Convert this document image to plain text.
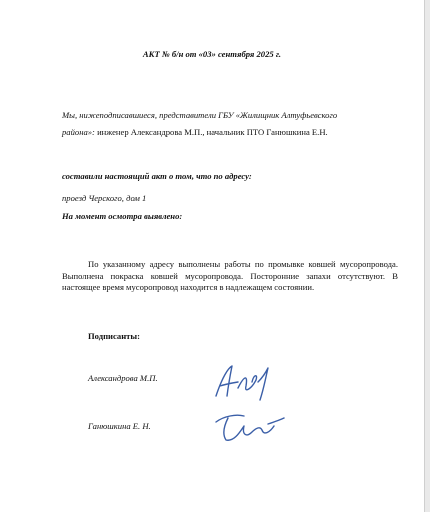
АКТ № б/н от «03» сентября 2025 г.
Мы, нижеподписавшиеся, представители ГБУ «Жилищник Алтуфьевского
района»: инженер Александрова М.П., начальник ПТО Ганюшкина Е.Н.
составили настоящий акт о том, что по адресу:
проезд Черского, дом 1
На момент осмотра выявлено:
По указанному адресу выполнены работы по промывке ковшей мусоропровода. Выполнена покраска ковшей мусоропровода. Посторонние запахи отсутствуют. В настоящее время мусоропровод находится в надлежащем состоянии.
Подписанты:
Александрова М.П.
Ганюшкина Е. Н.
